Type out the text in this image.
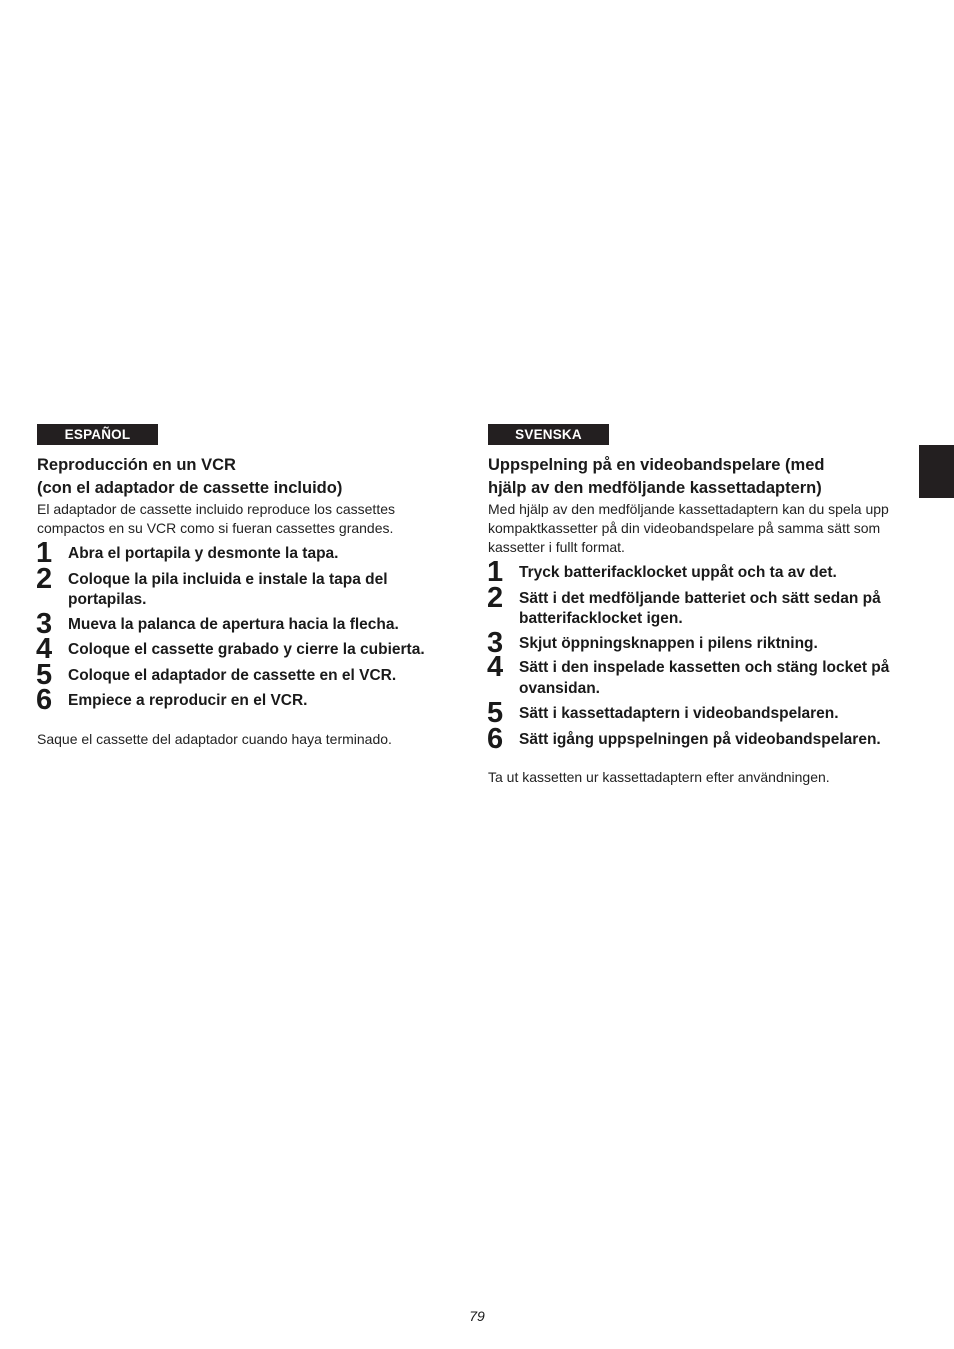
ESPAÑOL
Reproducción en un VCR
(con el adaptador de cassette incluido)

El adaptador de cassette incluido reproduce los cassettes compactos en su VCR como si fueran cassettes grandes.

1 Abra el portapila y desmonte la tapa.
2 Coloque la pila incluida e instale la tapa del portapilas.
3 Mueva la palanca de apertura hacia la flecha.
4 Coloque el cassette grabado y cierre la cubierta.
5 Coloque el adaptador de cassette en el VCR.
6 Empiece a reproducir en el VCR.

Saque el cassette del adaptador cuando haya terminado.

SVENSKA
Uppspelning på en videobandspelare (med
hjälp av den medföljande kassettadaptern)

Med hjälp av den medföljande kassettadaptern kan du spela upp kompaktkassetter på din videobandspelare på samma sätt som kassetter i fullt format.

1 Tryck batterifacklocket uppåt och ta av det.
2 Sätt i det medföljande batteriet och sätt sedan på batterifacklocket igen.
3 Skjut öppningsknappen i pilens riktning.
4 Sätt i den inspelade kassetten och stäng locket på ovansidan.
5 Sätt i kassettadaptern i videobandspelaren.
6 Sätt igång uppspelningen på videobandspelaren.

Ta ut kassetten ur kassettadaptern efter användningen.

79
